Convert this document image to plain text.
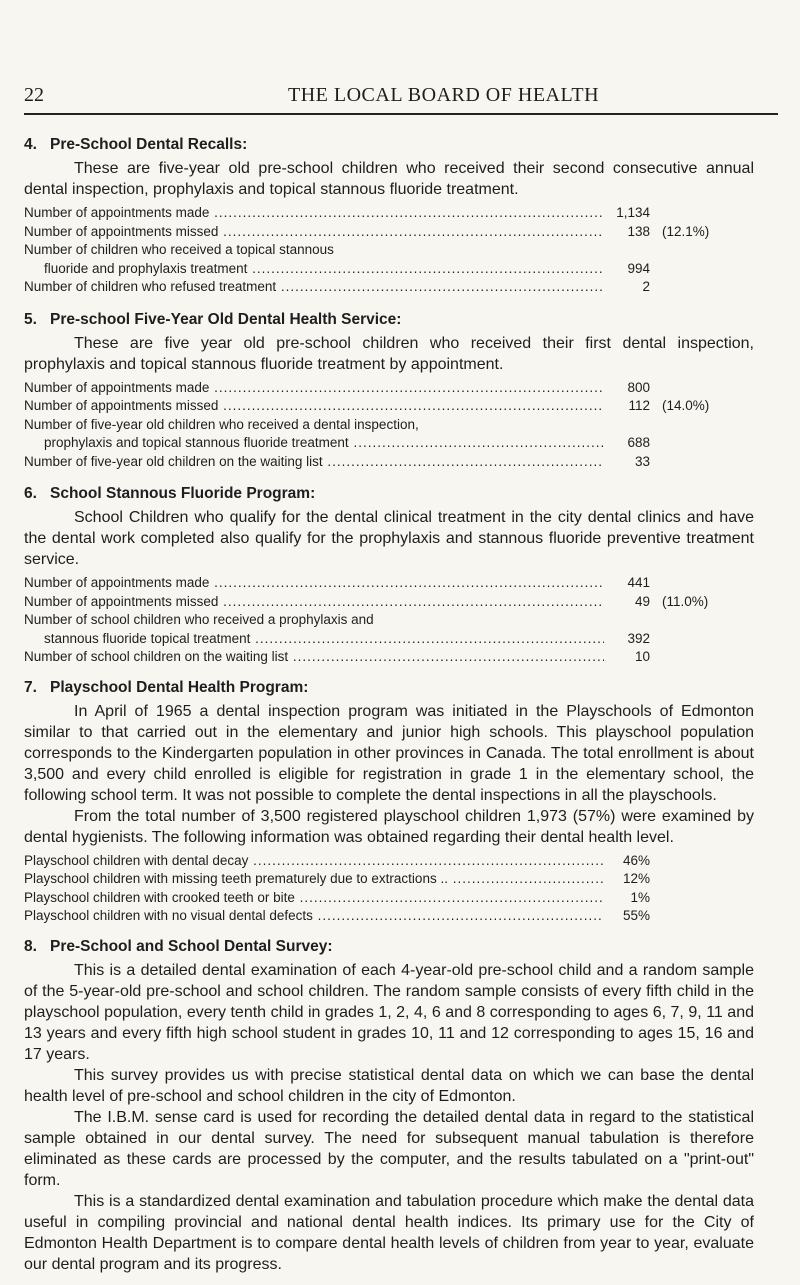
22	THE LOCAL BOARD OF HEALTH
4. Pre-School Dental Recalls:

These are five-year old pre-school children who received their second consecutive annual dental inspection, prophylaxis and topical stannous fluoride treatment.

Number of appointments made .....	1,134
Number of appointments missed .....	138 (12.1%)
Number of children who received a topical stannous
fluoride and prophylaxis treatment .....	994
Number of children who refused treatment .....	2
5. Pre-school Five-Year Old Dental Health Service:

These are five year old pre-school children who received their first dental inspection, prophylaxis and topical stannous fluoride treatment by appointment.

Number of appointments made .....	800
Number of appointments missed .....	112 (14.0%)
Number of five-year old children who received a dental inspection,
prophylaxis and topical stannous fluoride treatment .....	688
Number of five-year old children on the waiting list .....	33
6. School Stannous Fluoride Program:

School Children who qualify for the dental clinical treatment in the city dental clinics and have the dental work completed also qualify for the prophylaxis and stannous fluoride preventive treatment service.

Number of appointments made .....	441
Number of appointments missed .....	49 (11.0%)
Number of school children who received a prophylaxis and
stannous fluoride topical treatment .....	392
Number of school children on the waiting list .....	10
7. Playschool Dental Health Program:

In April of 1965 a dental inspection program was initiated in the Playschools of Edmonton similar to that carried out in the elementary and junior high schools. This playschool population corresponds to the Kindergarten population in other provinces in Canada. The total enrollment is about 3,500 and every child enrolled is eligible for registration in grade 1 in the elementary school, the following school term. It was not possible to complete the dental inspections in all the playschools.

From the total number of 3,500 registered playschool children 1,973 (57%) were examined by dental hygienists. The following information was obtained regarding their dental health level.

Playschool children with dental decay .....	46%
Playschool children with missing teeth prematurely due to extractions .. .....	12%
Playschool children with crooked teeth or bite .....	1%
Playschool children with no visual dental defects .....	55%
8. Pre-School and School Dental Survey:

This is a detailed dental examination of each 4-year-old pre-school child and a random sample of the 5-year-old pre-school and school children. The random sample consists of every fifth child in the playschool population, every tenth child in grades 1, 2, 4, 6 and 8 corresponding to ages 6, 7, 9, 11 and 13 years and every fifth high school student in grades 10, 11 and 12 corresponding to ages 15, 16 and 17 years.

This survey provides us with precise statistical dental data on which we can base the dental health level of pre-school and school children in the city of Edmonton.

The I.B.M. sense card is used for recording the detailed dental data in regard to the statistical sample obtained in our dental survey. The need for subsequent manual tabulation is therefore eliminated as these cards are processed by the computer, and the results tabulated on a "print-out" form.

This is a standardized dental examination and tabulation procedure which make the dental data useful in compiling provincial and national dental health indices. Its primary use for the City of Edmonton Health Department is to compare dental health levels of children from year to year, evaluate our dental program and its progress.
